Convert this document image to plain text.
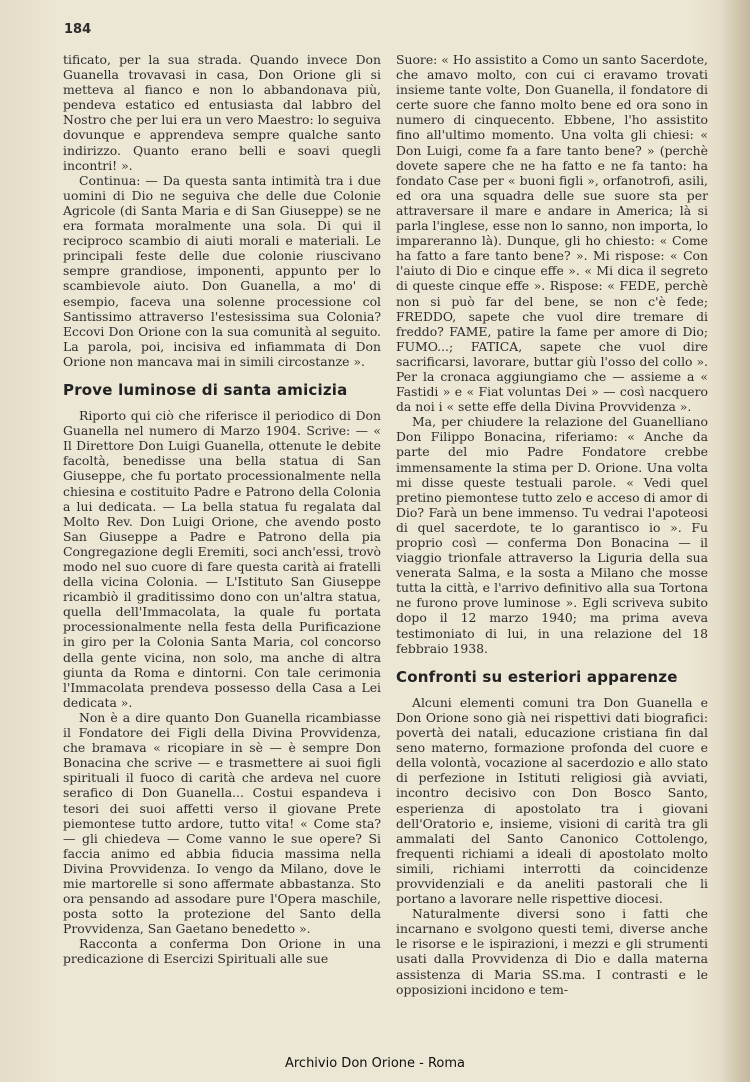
184

tificato, per la sua strada. Quando invece Don Guanella trovavasi in casa, Don Orione gli si metteva al fianco e non lo abbandonava più, pendeva estatico ed entusiasta dal labbro del Nostro che per lui era un vero Maestro: lo seguiva dovunque e apprendeva sempre qualche santo indirizzo. Quanto erano belli e soavi quegli incontri! ».

Continua: — Da questa santa intimità tra i due uomini di Dio ne seguiva che delle due Colonie Agricole (di Santa Maria e di San Giuseppe) se ne era formata moralmente una sola. Di qui il reciproco scambio di aiuti morali e materiali. Le principali feste delle due colonie riuscivano sempre grandiose, imponenti, appunto per lo scambievole aiuto. Don Guanella, a mo' di esempio, faceva una solenne processione col Santissimo attraverso l'estesissima sua Colonia? Eccovi Don Orione con la sua comunità al seguito. La parola, poi, incisiva ed infiammata di Don Orione non mancava mai in simili circostanze ».

Prove luminose di santa amicizia

Riporto qui ciò che riferisce il periodico di Don Guanella nel numero di Marzo 1904. Scrive: — « Il Direttore Don Luigi Guanella, ottenute le debite facoltà, benedisse una bella statua di San Giuseppe, che fu portato processionalmente nella chiesina e costituito Padre e Patrono della Colonia a lui dedicata. — La bella statua fu regalata dal Molto Rev. Don Luigi Orione, che avendo posto San Giuseppe a Padre e Patrono della pia Congregazione degli Eremiti, soci anch'essi, trovò modo nel suo cuore di fare questa carità ai fratelli della vicina Colonia. — L'Istituto San Giuseppe ricambiò il graditissimo dono con un'altra statua, quella dell'Immacolata, la quale fu portata processionalmente nella festa della Purificazione in giro per la Colonia Santa Maria, col concorso della gente vicina, non solo, ma anche di altra giunta da Roma e dintorni. Con tale cerimonia l'Immacolata prendeva possesso della Casa a Lei dedicata ».

Non è a dire quanto Don Guanella ricambiasse il Fondatore dei Figli della Divina Provvidenza, che bramava « ricopiare in sè — è sempre Don Bonacina che scrive — e trasmettere ai suoi figli spirituali il fuoco di carità che ardeva nel cuore serafico di Don Guanella... Costui espandeva i tesori dei suoi affetti verso il giovane Prete piemontese tutto ardore, tutto vita! « Come sta? — gli chiedeva — Come vanno le sue opere? Si faccia animo ed abbia fiducia massima nella Divina Provvidenza. Io vengo da Milano, dove le mie martorelle si sono affermate abbastanza. Sto ora pensando ad assodare pure l'Opera maschile, posta sotto la protezione del Santo della Provvidenza, San Gaetano benedetto ».

Racconta a conferma Don Orione in una predicazione di Esercizi Spirituali alle sue

Suore: « Ho assistito a Como un santo Sacerdote, che amavo molto, con cui ci eravamo trovati insieme tante volte, Don Guanella, il fondatore di certe suore che fanno molto bene ed ora sono in numero di cinquecento. Ebbene, l'ho assistito fino all'ultimo momento. Una volta gli chiesi: « Don Luigi, come fa a fare tanto bene? » (perchè dovete sapere che ne ha fatto e ne fa tanto: ha fondato Case per « buoni figli », orfanotrofi, asili, ed ora una squadra delle sue suore sta per attraversare il mare e andare in America; là si parla l'inglese, esse non lo sanno, non importa, lo impareranno là). Dunque, gli ho chiesto: « Come ha fatto a fare tanto bene? ». Mi rispose: « Con l'aiuto di Dio e cinque effe ». « Mi dica il segreto di queste cinque effe ». Rispose: « FEDE, perchè non si può far del bene, se non c'è fede; FREDDO, sapete che vuol dire tremare di freddo? FAME, patire la fame per amore di Dio; FUMO...; FATICA, sapete che vuol dire sacrificarsi, lavorare, buttar giù l'osso del collo ». Per la cronaca aggiungiamo che — assieme a « Fastidi » e « Fiat voluntas Dei » — così nacquero da noi i « sette effe della Divina Provvidenza ».

Ma, per chiudere la relazione del Guanelliano Don Filippo Bonacina, riferiamo: « Anche da parte del mio Padre Fondatore crebbe immensamente la stima per D. Orione. Una volta mi disse queste testuali parole. « Vedi quel pretino piemontese tutto zelo e acceso di amor di Dio? Farà un bene immenso. Tu vedrai l'apoteosi di quel sacerdote, te lo garantisco io ». Fu proprio così — conferma Don Bonacina — il viaggio trionfale attraverso la Liguria della sua venerata Salma, e la sosta a Milano che mosse tutta la città, e l'arrivo definitivo alla sua Tortona ne furono prove luminose ». Egli scriveva subito dopo il 12 marzo 1940; ma prima aveva testimoniato di lui, in una relazione del 18 febbraio 1938.

Confronti su esteriori apparenze

Alcuni elementi comuni tra Don Guanella e Don Orione sono già nei rispettivi dati biografici: povertà dei natali, educazione cristiana fin dal seno materno, formazione profonda del cuore e della volontà, vocazione al sacerdozio e allo stato di perfezione in Istituti religiosi già avviati, incontro decisivo con Don Bosco Santo, esperienza di apostolato tra i giovani dell'Oratorio e, insieme, visioni di carità tra gli ammalati del Santo Canonico Cottolengo, frequenti richiami a ideali di apostolato molto simili, richiami interrotti da coincidenze provvidenziali e da aneliti pastorali che li portano a lavorare nelle rispettive diocesi.

Naturalmente diversi sono i fatti che incarnano e svolgono questi temi, diverse anche le risorse e le ispirazioni, i mezzi e gli strumenti usati dalla Provvidenza di Dio e dalla materna assistenza di Maria SS.ma. I contrasti e le opposizioni incidono e tem-

Archivio Don Orione - Roma
